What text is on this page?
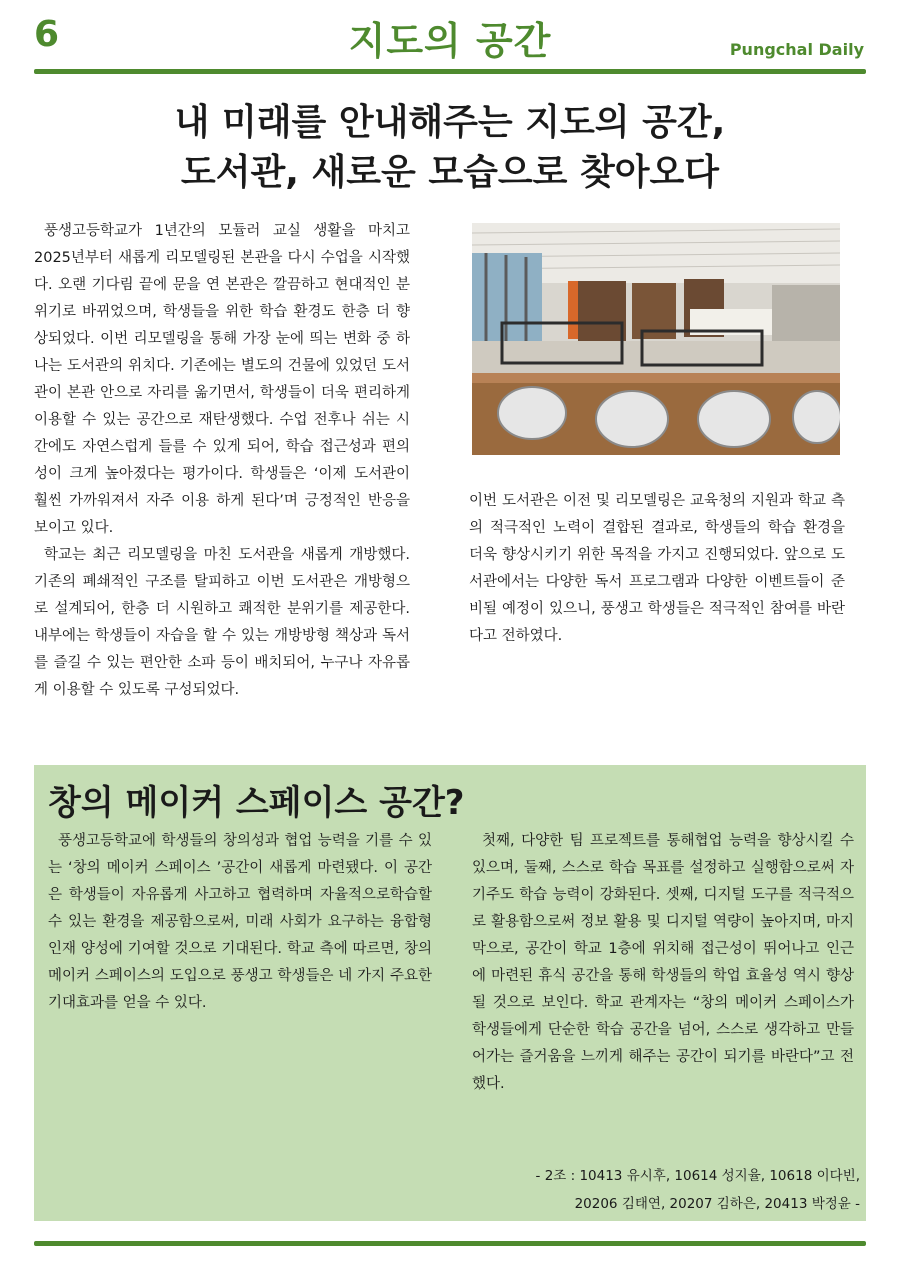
6	지도의 공간	Pungchal Daily
내 미래를 안내해주는 지도의 공간,
도서관, 새로운 모습으로 찾아오다

풍생고등학교가 1년간의 모듈러 교실 생활을 마치고 2025년부터 새롭게 리모델링된 본관을 다시 수업을 시작했다. 오랜 기다림 끝에 문을 연 본관은 깔끔하고 현대적인 분위기로 바뀌었으며, 학생들을 위한 학습 환경도 한층 더 향상되었다. 이번 리모델링을 통해 가장 눈에 띄는 변화 중 하나는 도서관의 위치다. 기존에는 별도의 건물에 있었던 도서관이 본관 안으로 자리를 옮기면서, 학생들이 더욱 편리하게 이용할 수 있는 공간으로 재탄생했다. 수업 전후나 쉬는 시간에도 자연스럽게 들를 수 있게 되어, 학습 접근성과 편의성이 크게 높아졌다는 평가이다. 학생들은 ‘이제 도서관이 훨씬 가까워져서 자주 이용 하게 된다’며 긍정적인 반응을 보이고 있다.

학교는 최근 리모델링을 마친 도서관을 새롭게 개방했다. 기존의 폐쇄적인 구조를 탈피하고 이번 도서관은 개방형으로 설계되어, 한층 더 시원하고 쾌적한 분위기를 제공한다. 내부에는 학생들이 자습을 할 수 있는 개방방형 책상과 독서를 즐길 수 있는 편안한 소파 등이 배치되어, 누구나 자유롭게 이용할 수 있도록 구성되었다.

이번 도서관은 이전 및 리모델링은 교육청의 지원과 학교 측의 적극적인 노력이 결합된 결과로, 학생들의 학습 환경을 더욱 향상시키기 위한 목적을 가지고 진행되었다. 앞으로 도서관에서는 다양한 독서 프로그램과 다양한 이벤트들이 준비될 예정이 있으니, 풍생고 학생들은 적극적인 참여를 바란다고 전하였다.

창의 메이커 스페이스 공간?

풍생고등학교에 학생들의 창의성과 협업 능력을 기를 수 있는 ‘창의 메이커 스페이스 ’공간이 새롭게 마련됐다. 이 공간은 학생들이 자유롭게 사고하고 협력하며 자율적으로학습할 수 있는 환경을 제공함으로써, 미래 사회가 요구하는 융합형 인재 양성에 기여할 것으로 기대된다. 학교 측에 따르면, 창의 메이커 스페이스의 도입으로 풍생고 학생들은 네 가지 주요한 기대효과를 얻을 수 있다.

첫째, 다양한 팀 프로젝트를 통해협업 능력을 향상시킬 수 있으며, 둘째, 스스로 학습 목표를 설정하고 실행함으로써 자기주도 학습 능력이 강화된다. 셋째, 디지털 도구를 적극적으로 활용함으로써 정보 활용 및 디지털 역량이 높아지며, 마지막으로, 공간이 학교 1층에 위치해 접근성이 뛰어나고 인근에 마련된 휴식 공간을 통해 학생들의 학업 효율성 역시 향상될 것으로 보인다. 학교 관계자는 “창의 메이커 스페이스가 학생들에게 단순한 학습 공간을 넘어, 스스로 생각하고 만들어가는 즐거움을 느끼게 해주는 공간이 되기를 바란다”고 전했다.

- 2조 : 10413 유시후, 10614 성지율, 10618 이다빈,
20206 김태연, 20207 김하은, 20413 박정윤 -
